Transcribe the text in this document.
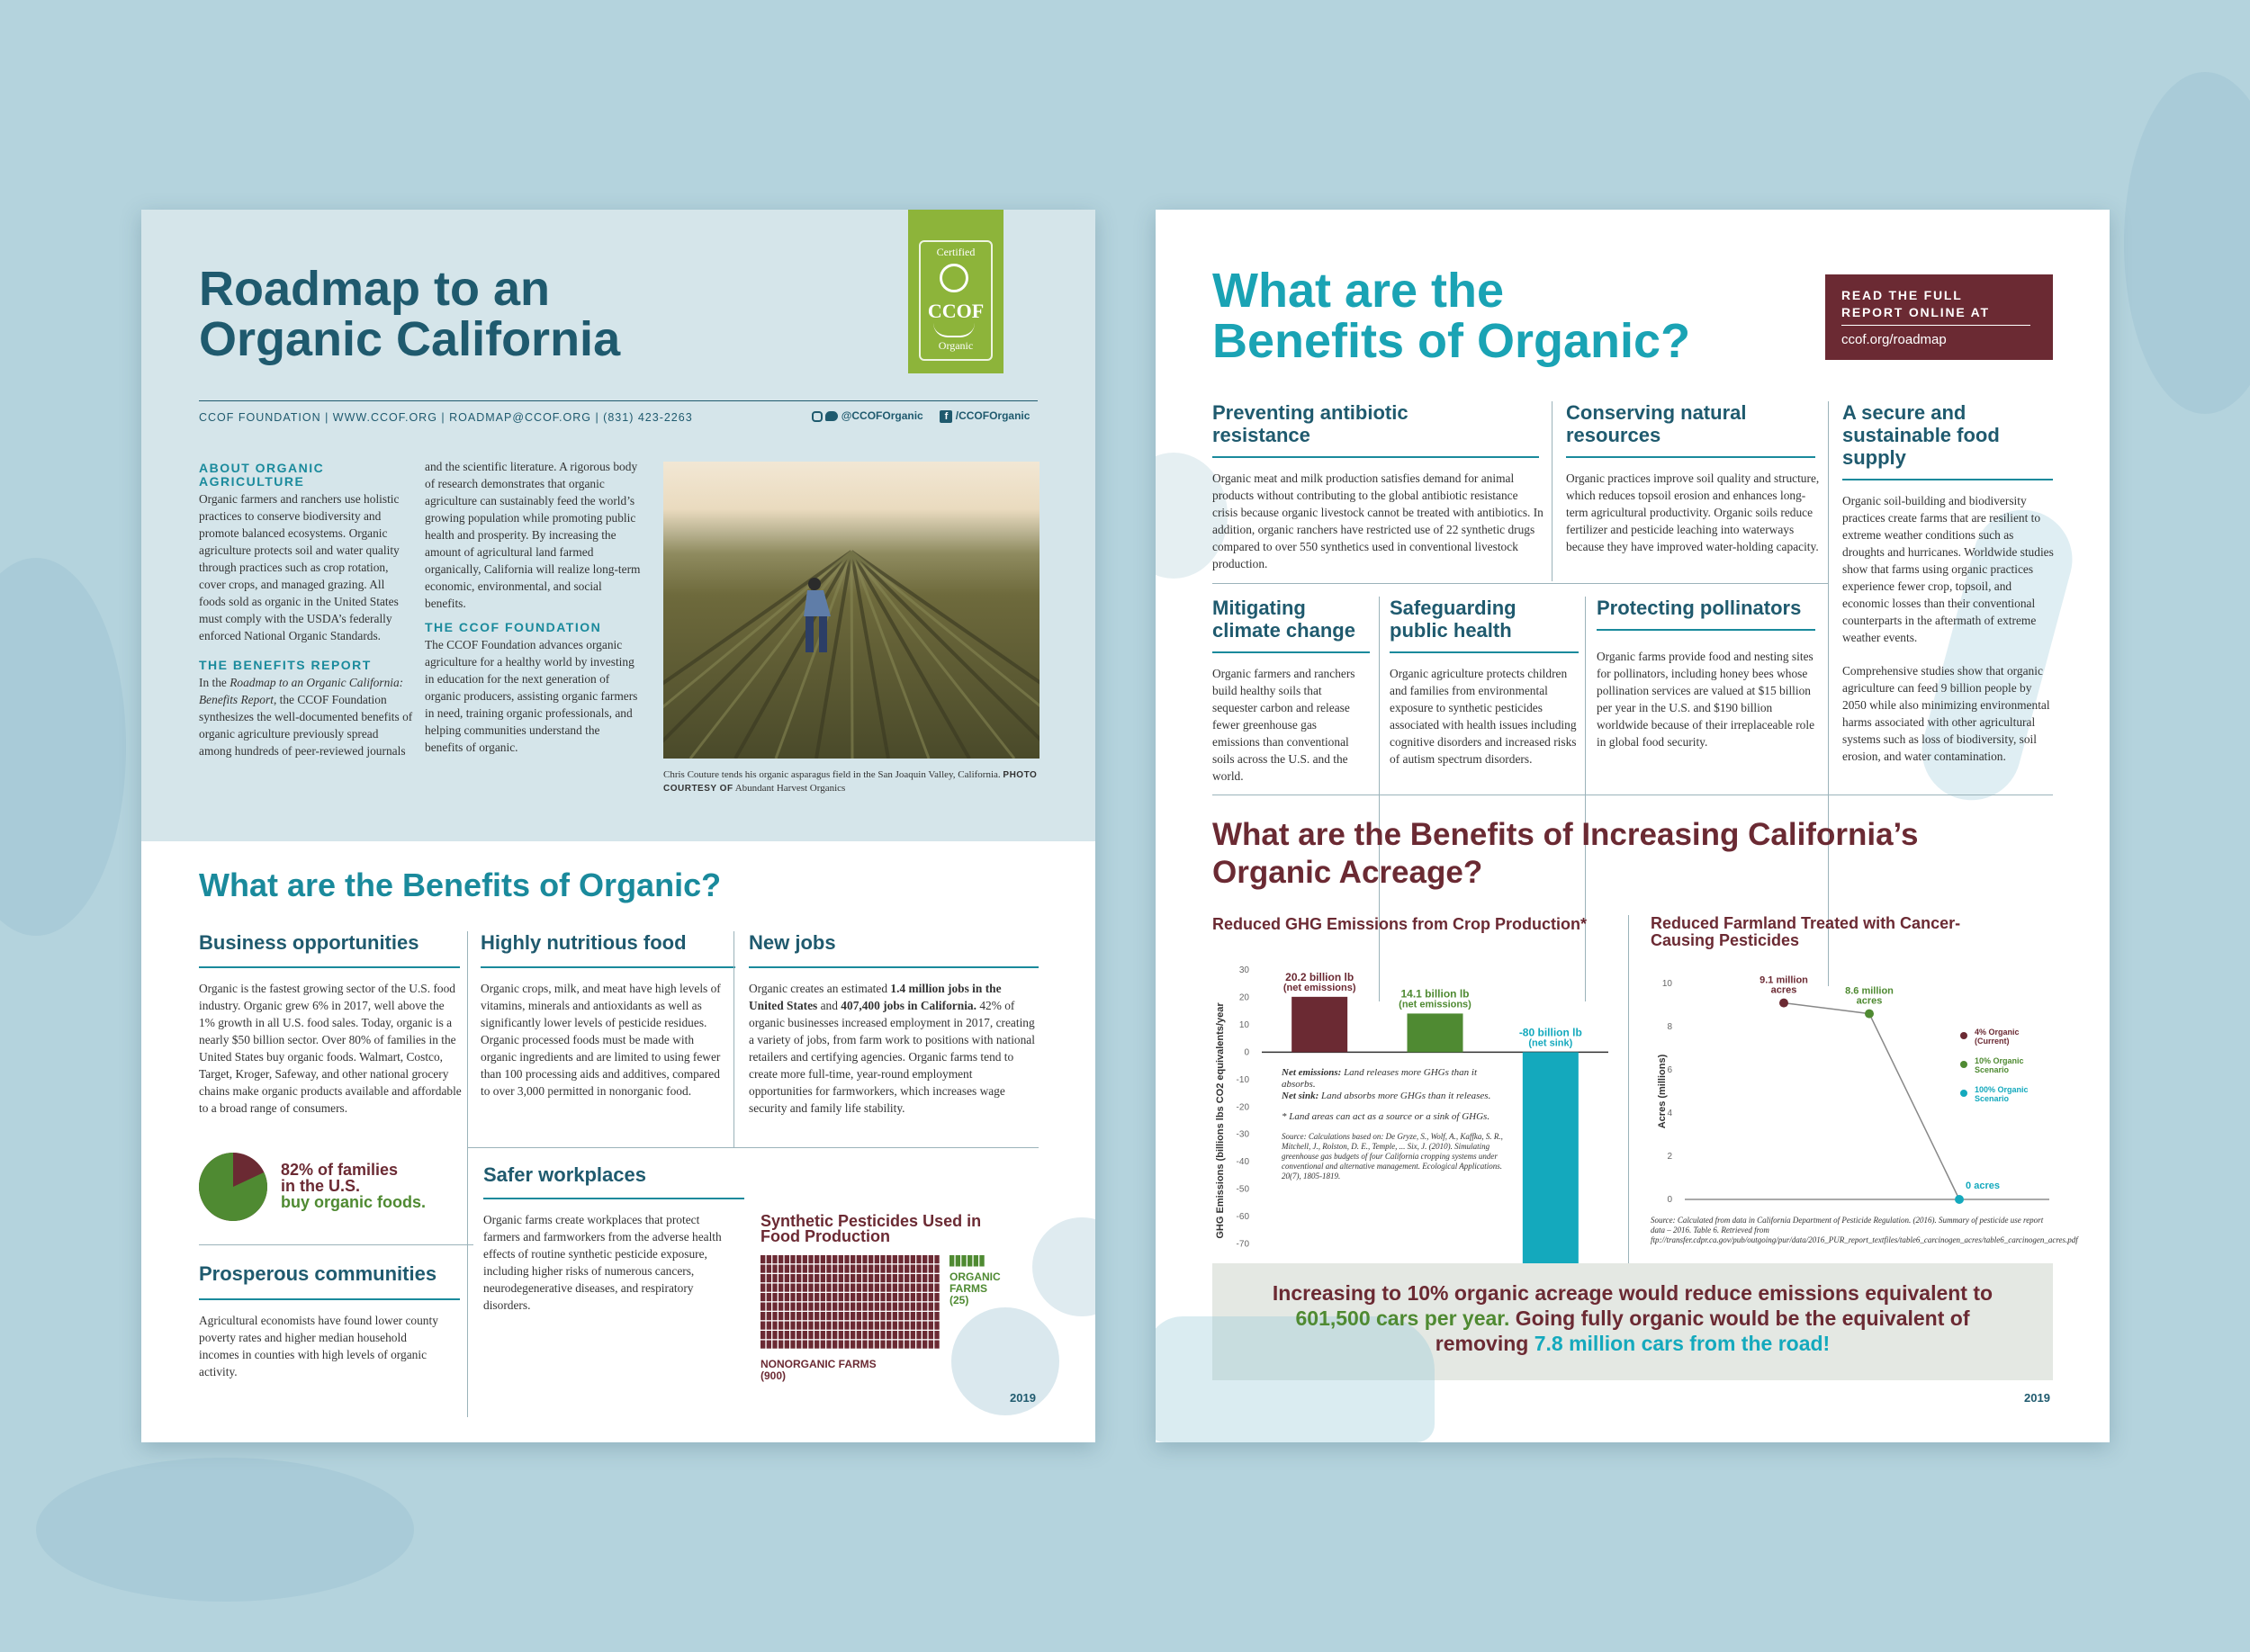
Roadmap to an
Organic California
Certified
CCOF
Organic
CCOF FOUNDATION | WWW.CCOF.ORG | ROADMAP@CCOF.ORG | (831) 423-2263	@CCOFOrganic f /CCOFOrganic
ABOUT ORGANIC AGRICULTURE
Organic farmers and ranchers use holistic practices to conserve biodiversity and promote balanced ecosystems. Organic agriculture protects soil and water quality through practices such as crop rotation, cover crops, and managed grazing. All foods sold as organic in the United States must comply with the USDA’s federally enforced National Organic Standards.
THE BENEFITS REPORT
In the Roadmap to an Organic California: Benefits Report, the CCOF Foundation synthesizes the well-documented benefits of organic agriculture previously spread among hundreds of peer-reviewed journals
and the scientific literature. A rigorous body of research demonstrates that organic agriculture can sustainably feed the world’s growing population while promoting public health and prosperity. By increasing the amount of agricultural land farmed organically, California will realize long-term economic, environmental, and social benefits.
THE CCOF FOUNDATION
The CCOF Foundation advances organic agriculture for a healthy world by investing in education for the next generation of organic producers, assisting organic farmers in need, training organic professionals, and helping communities understand the benefits of organic.
Chris Couture tends his organic asparagus field in the San Joaquin Valley, California. PHOTO COURTESY OF Abundant Harvest Organics
What are the Benefits of Organic?
Business opportunities
Organic is the fastest growing sector of the U.S. food industry. Organic grew 6% in 2017, well above the 1% growth in all U.S. food sales. Today, organic is a nearly $50 billion sector. Over 80% of families in the United States buy organic foods. Walmart, Costco, Target, Kroger, Safeway, and other national grocery chains make organic products available and affordable to a broad range of consumers.
82% of families
in the U.S.
buy organic foods.
Prosperous communities
Agricultural economists have found lower county poverty rates and higher median household incomes in counties with high levels of organic activity.
Highly nutritious food
Organic crops, milk, and meat have high levels of vitamins, minerals and antioxidants as well as significantly lower levels of pesticide residues. Organic processed foods must be made with organic ingredients and are limited to using fewer than 100 processing aids and additives, compared to over 3,000 permitted in nonorganic food.
New jobs
Organic creates an estimated 1.4 million jobs in the United States and 407,400 jobs in California. 42% of organic businesses increased employment in 2017, creating a variety of jobs, from farm work to positions with national retailers and certifying agencies. Organic farms tend to create more full-time, year-round employment opportunities for farmworkers, which increases wage security and family life stability.
Safer workplaces
Organic farms create workplaces that protect farmers and farmworkers from the adverse health effects of routine synthetic pesticide exposure, including higher risks of numerous cancers, neurodegenerative diseases, and respiratory disorders.
Synthetic Pesticides Used in Food Production
ORGANIC FARMS
(25)
NONORGANIC FARMS
(900)
2019
What are the
Benefits of Organic?
READ THE FULL
REPORT ONLINE AT
ccof.org/roadmap
Preventing antibiotic resistance
Organic meat and milk production satisfies demand for animal products without contributing to the global antibiotic resistance crisis because organic livestock cannot be treated with antibiotics. In addition, organic ranchers have restricted use of 22 synthetic drugs compared to over 550 synthetics used in conventional livestock production.
Conserving natural resources
Organic practices improve soil quality and structure, which reduces topsoil erosion and enhances long-term agricultural productivity. Organic soils reduce fertilizer and pesticide leaching into waterways because they have improved water-holding capacity.
A secure and sustainable food supply
Organic soil-building and biodiversity practices create farms that are resilient to extreme weather conditions such as droughts and hurricanes. Worldwide studies show that farms using organic practices experience fewer crop, topsoil, and economic losses than their conventional counterparts in the aftermath of extreme weather events.
Comprehensive studies show that organic agriculture can feed 9 billion people by 2050 while also minimizing environmental harms associated with other agricultural systems such as loss of biodiversity, soil erosion, and water contamination.
Mitigating climate change
Organic farmers and ranchers build healthy soils that sequester carbon and release fewer greenhouse gas emissions than conventional soils across the U.S. and the world.
Safeguarding public health
Organic agriculture protects children and families from environmental exposure to synthetic pesticides associated with health issues including cognitive disorders and increased risks of autism spectrum disorders.
Protecting pollinators
Organic farms provide food and nesting sites for pollinators, including honey bees whose pollination services are valued at $15 billion per year in the U.S. and $190 billion worldwide because of their irreplaceable role in global food security.
What are the Benefits of Increasing California’s
Organic Acreage?
Reduced GHG Emissions from Crop Production*
30
20
10
0
-10
-20
-30
-40
-50
-60
-70
GHG Emissions (billions lbs CO2 equivalents/year
20.2 billion lb
(net emissions)	14.1 billion lb
(net emissions)
-80 billion lb
(net sink)
Net emissions: Land releases more GHGs than it absorbs.
Net sink: Land absorbs more GHGs than it releases.
* Land areas can act as a source or a sink of GHGs.
Source: Calculations based on: De Gryze, S., Wolf, A., Kaffka, S. R., Mitchell, J., Rolston, D. E., Temple, ... Six, J. (2010). Simulating greenhouse gas budgets of four California cropping systems under conventional and alternative management. Ecological Applications. 20(7), 1805-1819.
Reduced Farmland Treated with Cancer-Causing Pesticides
10
8
6
4
2
0
Acres (millions)
9.1 million
acres	8.6 million
acres
0 acres
4% Organic
(Current)
10% Organic
Scenario
100% Organic
Scenario
Source: Calculated from data in California Department of Pesticide Regulation. (2016). Summary of pesticide use report data – 2016. Table 6. Retrieved from ftp://transfer.cdpr.ca.gov/pub/outgoing/pur/data/2016_PUR_report_textfiles/table6_carcinogen_acres/table6_carcinogen_acres.pdf
Increasing to 10% organic acreage would reduce emissions equivalent to 601,500 cars per year. Going fully organic would be the equivalent of removing 7.8 million cars from the road!
2019
